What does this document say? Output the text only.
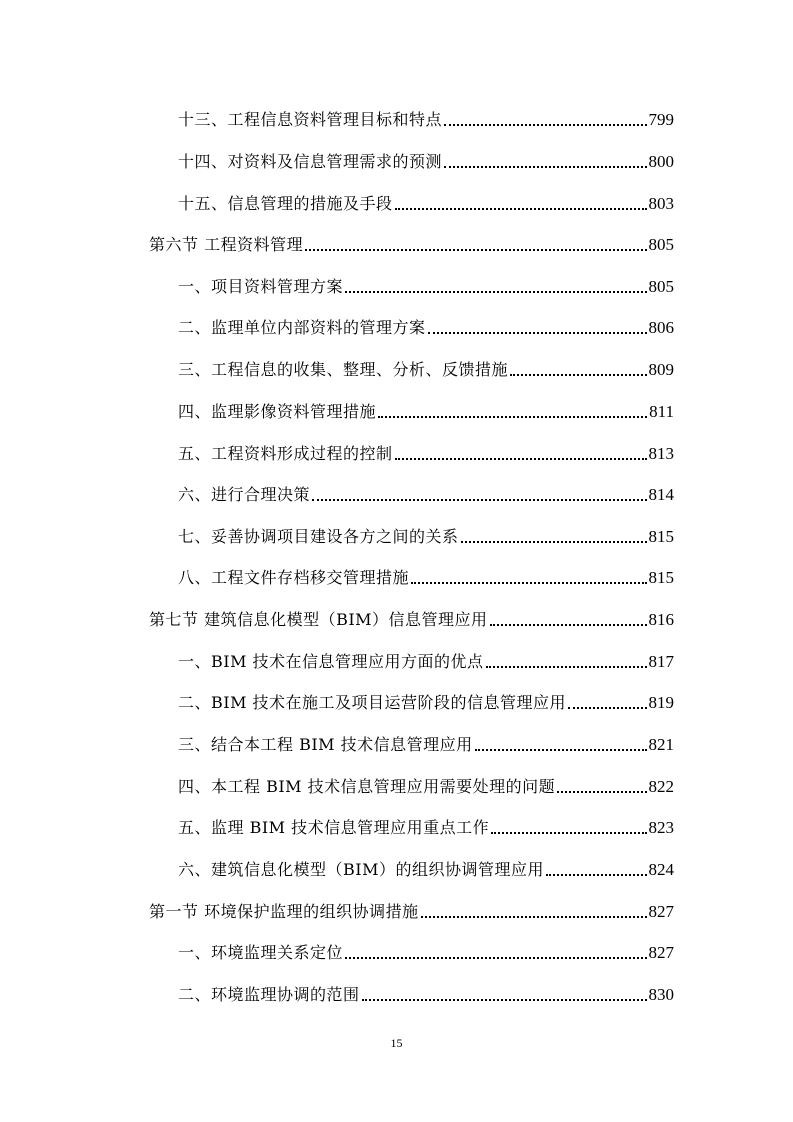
十三、工程信息资料管理目标和特点	799
十四、对资料及信息管理需求的预测	800
十五、信息管理的措施及手段	803
第六节 工程资料管理	805
一、项目资料管理方案	805
二、监理单位内部资料的管理方案	806
三、工程信息的收集、整理、分析、反馈措施	809
四、监理影像资料管理措施	811
五、工程资料形成过程的控制	813
六、进行合理决策	814
七、妥善协调项目建设各方之间的关系	815
八、工程文件存档移交管理措施	815
第七节 建筑信息化模型（BIM）信息管理应用	816
一、BIM 技术在信息管理应用方面的优点	817
二、BIM 技术在施工及项目运营阶段的信息管理应用	819
三、结合本工程 BIM 技术信息管理应用	821
四、本工程 BIM 技术信息管理应用需要处理的问题	822
五、监理 BIM 技术信息管理应用重点工作	823
六、建筑信息化模型（BIM）的组织协调管理应用	824
第一节 环境保护监理的组织协调措施	827
一、环境监理关系定位	827
二、环境监理协调的范围	830
15
